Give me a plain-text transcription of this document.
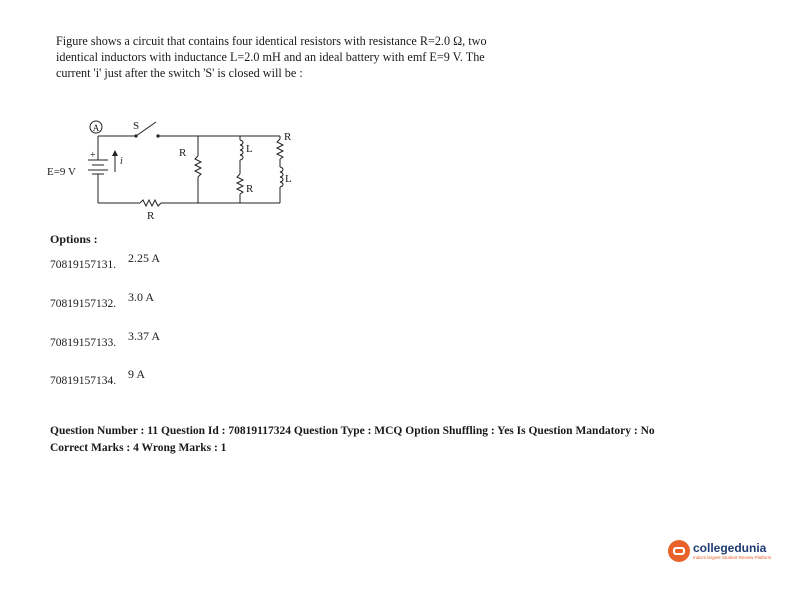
Figure shows a circuit that contains four identical resistors with resistance R=2.0 Ω, two
identical inductors with inductance L=2.0 mH and an ideal battery with emf E=9 V. The
current 'i' just after the switch 'S' is closed will be :
A	S
+
E=9 V
i
R
R	L
R
R
L
Options :
70819157131. 2.25 A
70819157132. 3.0 A
70819157133. 3.37 A
70819157134. 9 A
Question Number : 11 Question Id : 70819117324 Question Type : MCQ Option Shuffling : Yes Is Question Mandatory : No
Correct Marks : 4 Wrong Marks : 1
collegedunia
India's largest Student Review Platform
